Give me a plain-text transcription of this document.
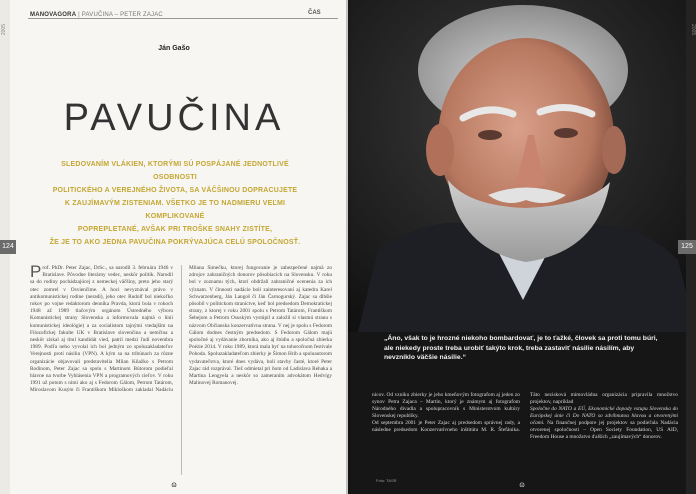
2005
MANOVAGORA | PAVUČINA – PETER ZAJAC	ČAS
Ján Gašo
PAVUČINA
SLEDOVANÍM VLÁKIEN, KTORÝMI SÚ POSPÁJANÉ JEDNOTLIVÉ OSOBNOSTI
POLITICKÉHO A VEREJNÉHO ŽIVOTA, SA VÄČŠINOU DOPRACUJETE
K ZAUJÍMAVÝM ZISTENIAM. VŠETKO JE TO NADMIERU VEĽMI KOMPLIKOVANÉ
POPREPLETANÉ, AVŠAK PRI TROŠKE SNAHY ZISTÍTE,
ŽE JE TO AKO JEDNA PAVUČINA POKRÝVAJÚCA CELÚ SPOLOČNOSŤ.
124

Prof. PhDr. Peter Zajac, DrSc., sa narodil 3. februára 1946 v Bratislave. Pôvodne literárny vedec, neskôr politik. Narodil sa do rodiny pochádzajúcej z nemeckej väčšiny, preto jeho starý otec zomrel v Osvienčime. A hoci nevyznával právo v antikomunistickej rodine (neradi), jeho otec Rudolf bol niekoľko rokov po vojne redaktorom denníka Pravda, ktorá bola v rokoch 1948 až 1989 tlačovým orgánom Ústredného výboru Komunistickej strany Slovenska a informovala najmä o línii komunistickej ideológie) a za socialistom tajnými vtedajším na Filozofickej fakulte UK v Bratislave slovenčina a nemčina a neskôr získal aj titul kandidát vied, patril medzi ľudí novembra 1989. Podľa neho vyvolal ich bol jedným zo spoluzakladateľov Verejnosti proti násiliu (VPN). A kým sa na tribúnach za rôzne organizácie objavovali predstavitelia Milan Kňažko s Petrom Rodinom, Peter Zajac sa spolu s Martinom Bútorom podieľal hlavne na tvorbe Vyhlásenia VPN a programových cieľov. V roku 1991 už potom s nimi ako aj s Fedorom Gálom, Petrom Tatárom, Miroslavom Kusým či Františkom Mikloškom zakladal Nadáciu Milana Šimečku, ktorej fungovanie je zabezpečené najmä zo zdrojov zahraničných donorov pôsobiacich na Slovensku. V roku bol v zoznamu tých, ktorí obdržali zahraničné ocenenia za ich význam. V činnosti nadácie boli zainteresovaní aj katedra Karel Schwarzenberg, Ján Langoš či Ján Čarnogurský. Zajac sa dlhšie pôsobil v politickom straníctve, keď bol predsedom Demokratickej strany, z ktorej v roku 2001 spolu s Petrom Tatárom, Františkom Šebejom a Petrom Osuským vystúpil a založil si vlastnú stranu s názvom Občianska konzervatívna strana. V nej je spolu s Fedorom Gálom dodnes čestným predsedom. S Fedorom Gálom majú spoločné aj vydávanie zborníka, ako aj štúdiu a spoločná zbierka Poézie 2014. V roku 1989, ktorá mala byť na tohoročnom festivale Pohoda. Spoluzakladateľom zbierky je Šimon Hrib a spoluautorom vydavateľstva, ktoré dnes vydáva, boli stavby časté, ktoré Peter Zajac rád rozprával. Tiež odmietal pri ňom od Ladislava Rehaka a Martina Lengyela a neskôr so zameraním advokátom Hedvigy Malinovej Romanovej.

ɷ
2005
125
„Áno, však to je hrozné niekoho bombardovať, je to ťažké, človek sa proti tomu búri, ale niekedy proste treba urobiť takýto krok, treba zastaviť násilie násilím, aby nevzniklo väčšie násilie.“

nicov. Od vzniku zbierky je jeho kmeňovým fotografom aj jeden zo synov Petra Zajaca – Martin, ktorý je známym aj fotografom Národného divadla a spolupracovník s Ministerstvom kultúry Slovenskej republiky.

Od septembra 2001 je Peter Zajac aj predsedom správnej rady, a následne predsedom Konzervatívneho inštitútu M. R. Štefánika. Táto nezisková mimovládna organizácia pripravila množstvo projektov, napríklad

Spoločne do NATO a EÚ, Ekonomické dopady vstupu Slovenska do Európskej únie či Do NATO so zdvihnutou hlavou a otvorenými očami. Na finančnej podpore jej projektov sa podieľala Nadácia otvorenej spoločnosti – Open Society Foundation, US AID, Freedom House a množstvo ďalších „zaujímavých“ donorov.

Foto: TASR	ɷ
